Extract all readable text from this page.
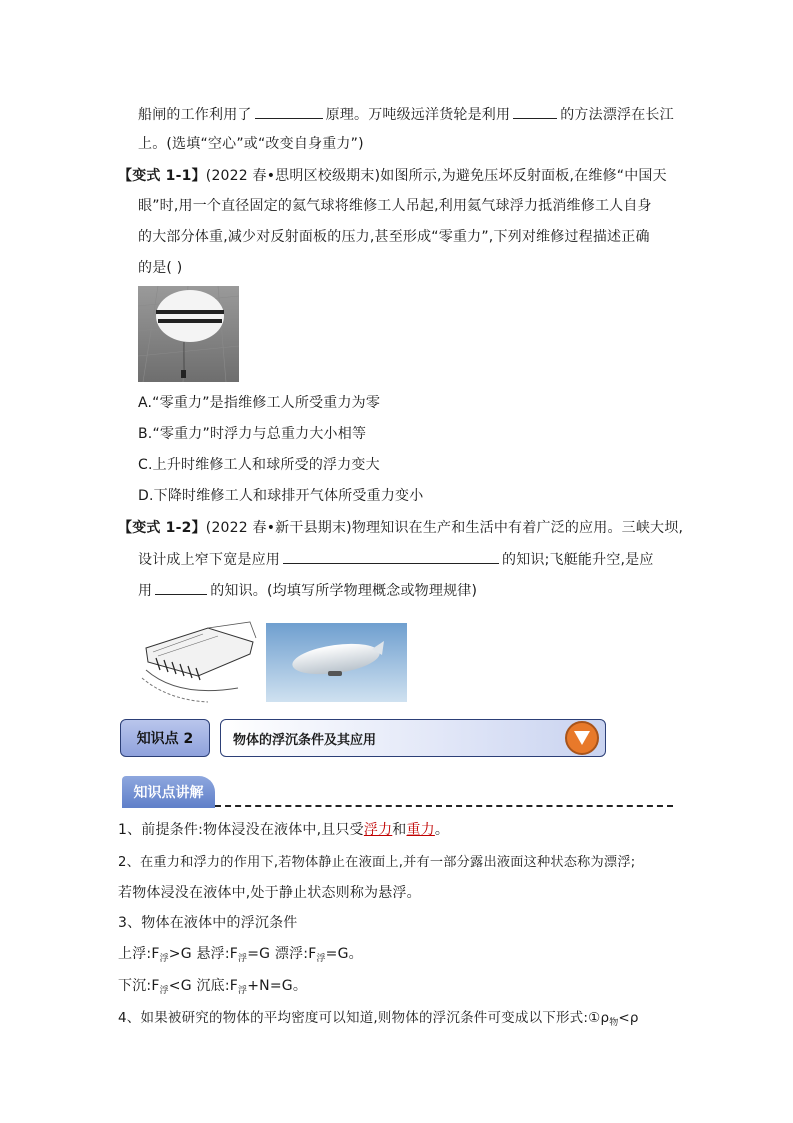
船闸的工作利用了	原理。万吨级远洋货轮是利用	的方法漂浮在长江
上。(选填“空心”或“改变自身重力”)
【变式 1-1】(2022 春•思明区校级期末)如图所示,为避免压坏反射面板,在维修“中国天
眼”时,用一个直径固定的氦气球将维修工人吊起,利用氦气球浮力抵消维修工人自身
的大部分体重,减少对反射面板的压力,甚至形成“零重力”,下列对维修过程描述正确
的是( )
A.“零重力”是指维修工人所受重力为零
B.“零重力”时浮力与总重力大小相等
C.上升时维修工人和球所受的浮力变大
D.下降时维修工人和球排开气体所受重力变小
【变式 1-2】(2022 春•新干县期末)物理知识在生产和生活中有着广泛的应用。三峡大坝,
设计成上窄下宽是应用	的知识;飞艇能升空,是应
用	的知识。(均填写所学物理概念或物理规律)
知识点 2	物体的浮沉条件及其应用
知识点讲解
1、前提条件:物体浸没在液体中,且只受浮力和重力。
2、在重力和浮力的作用下,若物体静止在液面上,并有一部分露出液面这种状态称为漂浮;
若物体浸没在液体中,处于静止状态则称为悬浮。
3、物体在液体中的浮沉条件
上浮$:F_浮>G$ 悬浮$:F_浮=G$ 漂浮$:F_浮=G$。
下沉$:F_浮<G$ 沉底$:F_浮+N=G$。
4、如果被研究的物体的平均密度可以知道,则物体的浮沉条件可变成以下形式$:①\rho_物<\rho$
